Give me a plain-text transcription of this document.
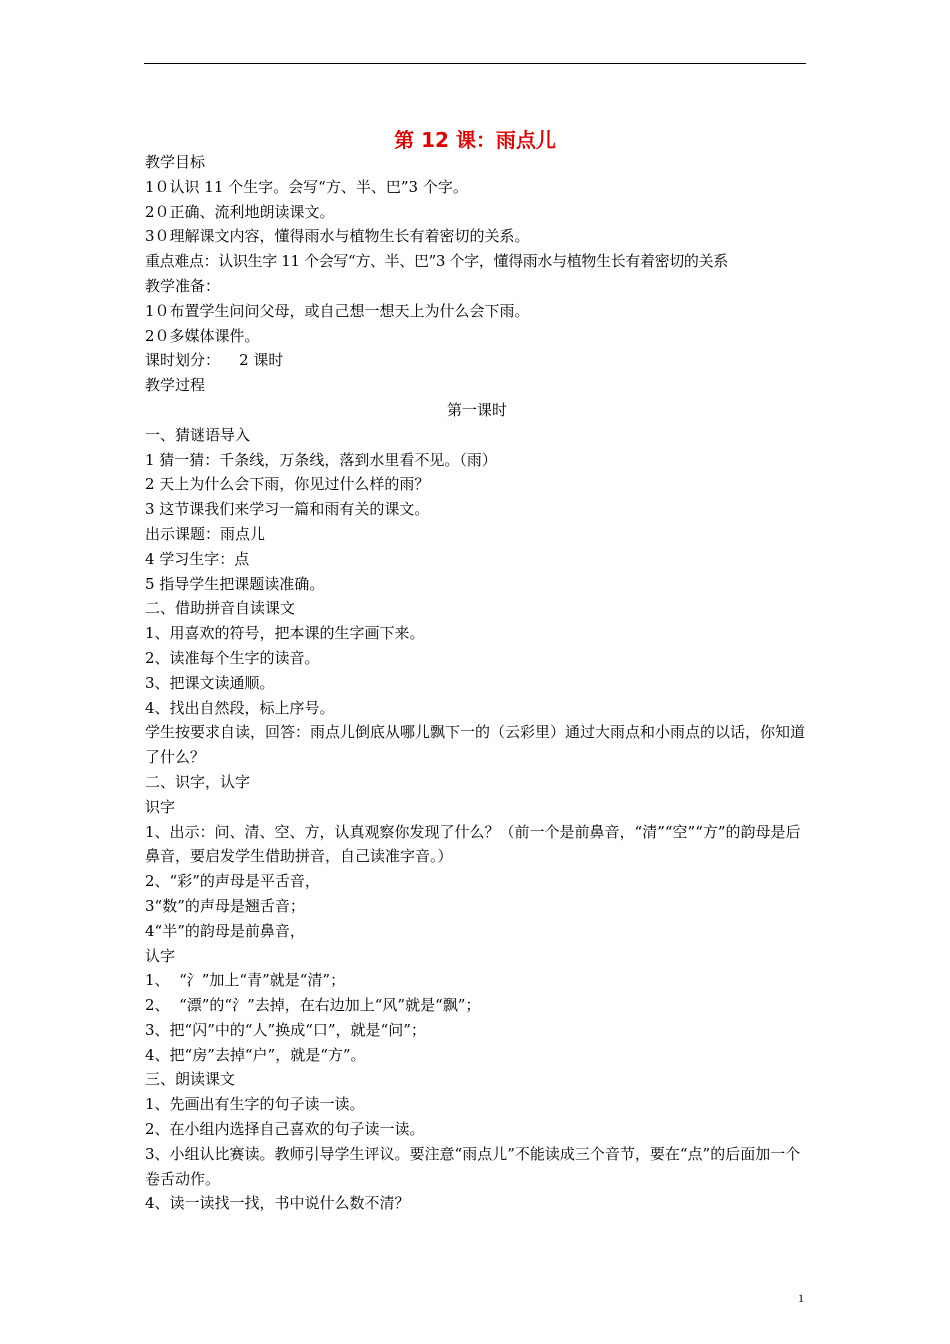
第 12 课：雨点儿
教学目标
1０认识 11 个生字。会写“方、半、巴”3 个字。
2０正确、流利地朗读课文。
3０理解课文内容，懂得雨水与植物生长有着密切的关系。
重点难点：认识生字 11 个会写“方、半、巴”3 个字，懂得雨水与植物生长有着密切的关系
教学准备：
1０布置学生问问父母，或自己想一想天上为什么会下雨。
2０多媒体课件。
课时划分：    2 课时
教学过程
第一课时
一、猜谜语导入
1 猜一猜：千条线，万条线，落到水里看不见。（雨）
2 天上为什么会下雨，你见过什么样的雨？
3 这节课我们来学习一篇和雨有关的课文。
出示课题：雨点儿
4 学习生字：点
5 指导学生把课题读准确。
二、借助拼音自读课文
1、用喜欢的符号，把本课的生字画下来。
2、读准每个生字的读音。
3、把课文读通顺。
4、找出自然段，标上序号。
学生按要求自读，回答：雨点儿倒底从哪儿飘下一的（云彩里）通过大雨点和小雨点的以话，你知道了什么？
二、识字，认字
识字
1、出示：问、清、空、方，认真观察你发现了什么？（前一个是前鼻音，“清”“空”“方”的韵母是后鼻音，要启发学生借助拼音，自己读准字音。）
2、“彩”的声母是平舌音，
3“数”的声母是翘舌音；
4“半”的韵母是前鼻音，
认字
1、  “氵”加上“青”就是“清”；
2、  “漂”的“氵”去掉，在右边加上“风”就是“飘”；
3、把“闪”中的“人”换成“口”，就是“问”；
4、把“房”去掉“户”，就是“方”。
三、朗读课文
1、先画出有生字的句子读一读。
2、在小组内选择自己喜欢的句子读一读。
3、小组认比赛读。教师引导学生评议。要注意“雨点儿”不能读成三个音节，要在“点”的后面加一个卷舌动作。
4、读一读找一找，书中说什么数不清？
1
